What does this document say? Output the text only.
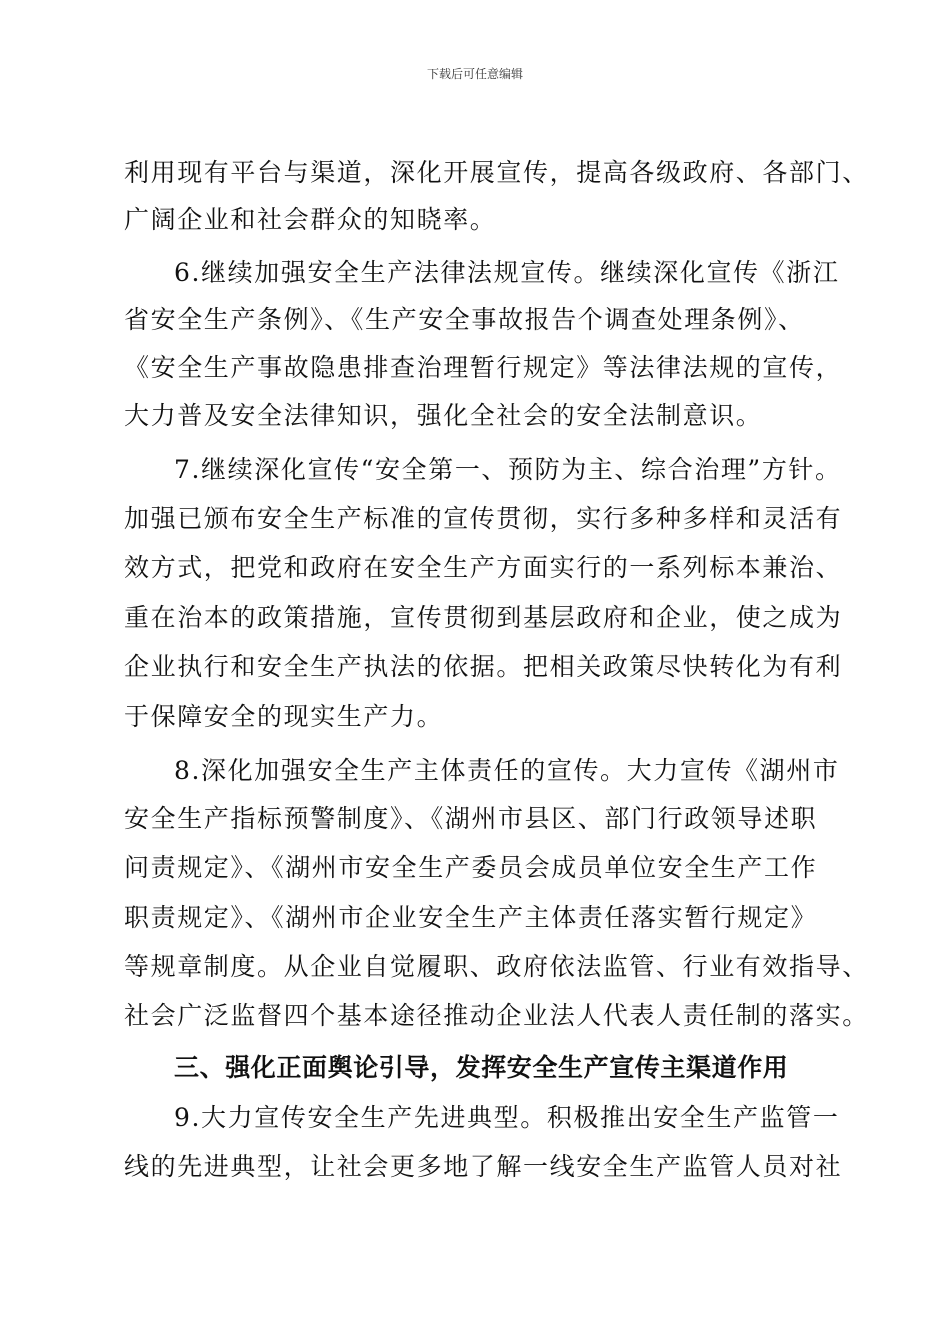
下载后可任意编辑
利用现有平台与渠道，深化开展宣传，提高各级政府、各部门、
广阔企业和社会群众的知晓率。
6.继续加强安全生产法律法规宣传。继续深化宣传《浙江
省安全生产条例》、《生产安全事故报告个调查处理条例》、
《安全生产事故隐患排查治理暂行规定》等法律法规的宣传，
大力普及安全法律知识，强化全社会的安全法制意识。
7.继续深化宣传“安全第一、预防为主、综合治理”方针。
加强已颁布安全生产标准的宣传贯彻，实行多种多样和灵活有
效方式，把党和政府在安全生产方面实行的一系列标本兼治、
重在治本的政策措施，宣传贯彻到基层政府和企业，使之成为
企业执行和安全生产执法的依据。把相关政策尽快转化为有利
于保障安全的现实生产力。
8.深化加强安全生产主体责任的宣传。大力宣传《湖州市
安全生产指标预警制度》、《湖州市县区、部门行政领导述职
问责规定》、《湖州市安全生产委员会成员单位安全生产工作
职责规定》、《湖州市企业安全生产主体责任落实暂行规定》
等规章制度。从企业自觉履职、政府依法监管、行业有效指导、
社会广泛监督四个基本途径推动企业法人代表人责任制的落实。
三、强化正面舆论引导，发挥安全生产宣传主渠道作用
9.大力宣传安全生产先进典型。积极推出安全生产监管一
线的先进典型，让社会更多地了解一线安全生产监管人员对社
